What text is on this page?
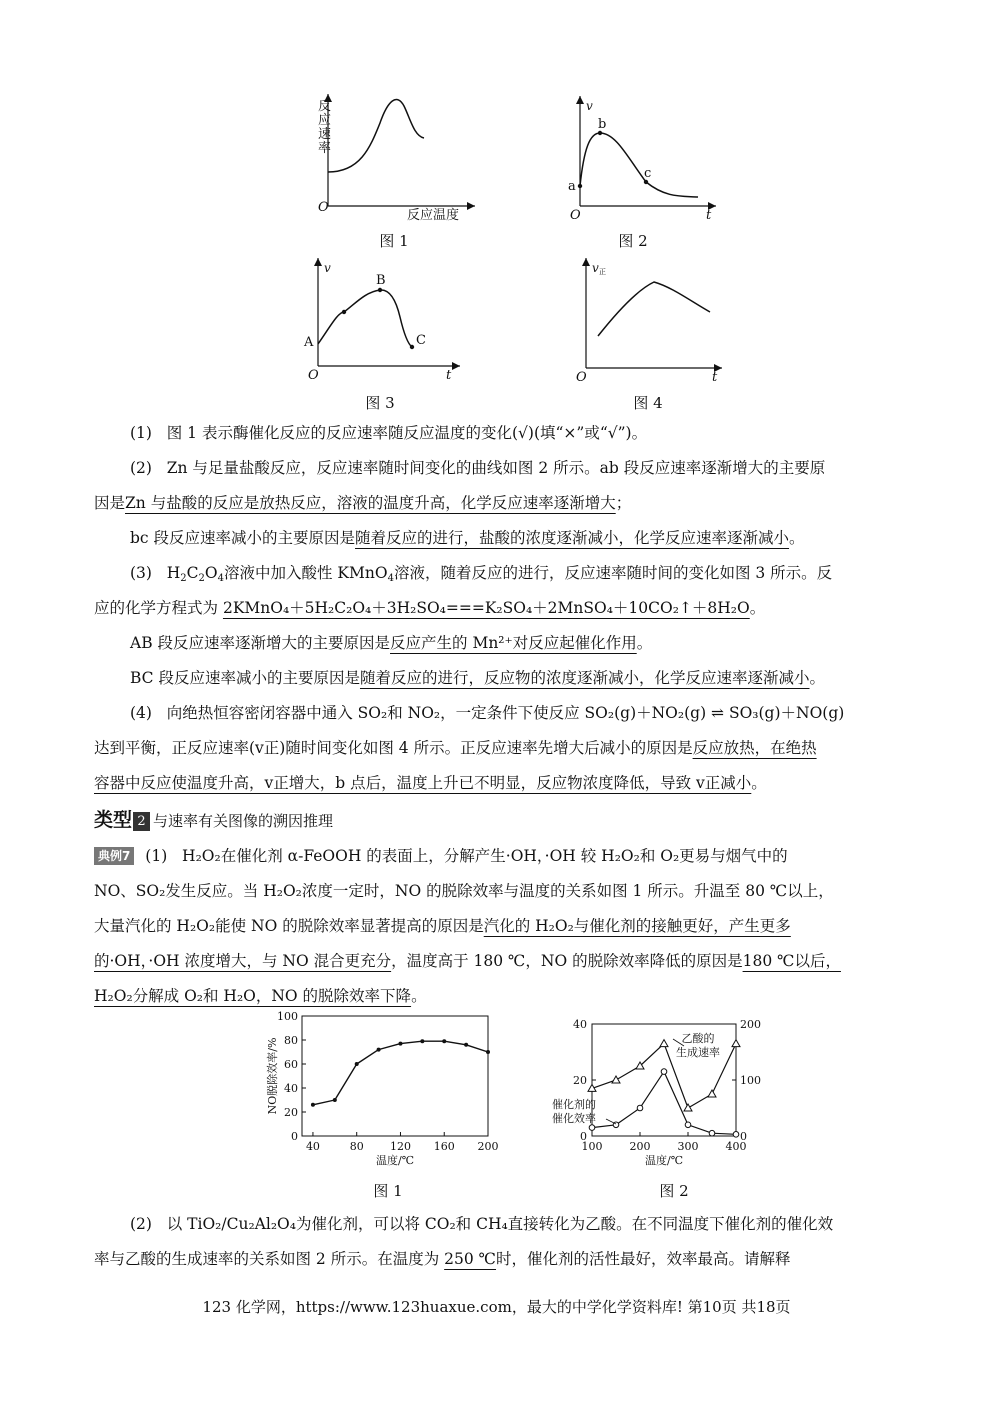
反
应
速
率
O
反应温度
图 1
v
a
b
c
O	t
图 2
v
A
B
C
O	t
图 3
v 正
O	t
图 4

(1) 图 1 表示酶催化反应的反应速率随反应温度的变化(√)(填“×”或“√”)。

(2) Zn 与足量盐酸反应，反应速率随时间变化的曲线如图 2 所示。ab 段反应速率逐渐增大的主要原

因是Zn 与盐酸的反应是放热反应，溶液的温度升高，化学反应速率逐渐增大；

bc 段反应速率减小的主要原因是随着反应的进行，盐酸的浓度逐渐减小，化学反应速率逐渐减小。

(3) $H_2C_2O_4$溶液中加入酸性 KMnO$_4$溶液，随着反应的进行，反应速率随时间的变化如图 3 所示。反

应的化学方程式为 2KMnO₄＋5H₂C₂O₄＋3H₂SO₄===K₂SO₄＋2MnSO₄＋10CO₂↑＋8H₂O。

AB 段反应速率逐渐增大的主要原因是反应产生的 Mn²⁺对反应起催化作用。

BC 段反应速率减小的主要原因是随着反应的进行，反应物的浓度逐渐减小，化学反应速率逐渐减小。

(4) 向绝热恒容密闭容器中通入 SO₂和 NO₂，一定条件下使反应 SO₂(g)＋NO₂(g) ⇌ SO₃(g)＋NO(g)

达到平衡，正反应速率(v正)随时间变化如图 4 所示。正反应速率先增大后减小的原因是反应放热，在绝热

容器中反应使温度升高，v正增大，b 点后，温度上升已不明显，反应物浓度降低，导致 v正减小。

类型 2 与速率有关图像的溯因推理

典例7 (1) H₂O₂在催化剂 α-FeOOH 的表面上，分解产生·OH，·OH 较 H₂O₂和 O₂更易与烟气中的

NO、SO₂发生反应。当 H₂O₂浓度一定时，NO 的脱除效率与温度的关系如图 1 所示。升温至 80 ℃以上，

大量汽化的 H₂O₂能使 NO 的脱除效率显著提高的原因是汽化的 H₂O₂与催化剂的接触更好，产生更多

的·OH，·OH 浓度增大，与 NO 混合更充分，温度高于 180 ℃，NO 的脱除效率降低的原因是180 ℃以后，

H₂O₂分解成 O₂和 H₂O，NO 的脱除效率下降。

40	80 120 160 200
0
20
40
60
80
100
温度/℃
NO脱除效率/%
图 1
100 200 300 400
0
20
40
0
100
200
温度/℃
乙酸的
生成速率
催化剂的
催化效率
图 2

(2) 以 TiO₂/Cu₂Al₂O₄为催化剂，可以将 CO₂和 CH₄直接转化为乙酸。在不同温度下催化剂的催化效

率与乙酸的生成速率的关系如图 2 所示。在温度为 250 ℃时，催化剂的活性最好，效率最高。请解释

123 化学网，https://www.123huaxue.com，最大的中学化学资料库! 第10页 共18页
